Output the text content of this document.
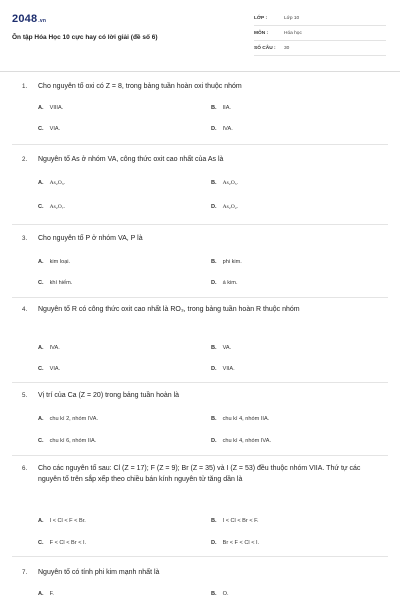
2048.vn
Ôn tập Hóa Học 10 cực hay có lời giải (đề số 6)
LỚP :	Lớp 10
MÔN :	Hóa học
SỐ CÂU : 30
1. Cho nguyên tố oxi có Z = 8, trong bảng tuần hoàn oxi thuộc nhóm
A. VIIIA.	B. IIA.
C. VIA.	D. IVA.
2. Nguyên tố As ở nhóm VA, công thức oxit cao nhất của As là
A. As₂O₃.	B. As₂O₅.
C. As₂O₇.	D. As₂O₂.
3. Cho nguyên tố P ở nhóm VA, P là
A. kim loại.	B. phi kim.
C. khí hiếm.	D. á kim.
4. Nguyên tố R có công thức oxit cao nhất là RO₃, trong bảng tuần hoàn R thuộc nhóm
A. IVA.	B. VA.
C. VIA.	D. VIIA.
5. Vị trí của Ca (Z = 20) trong bảng tuần hoàn là
A. chu kì 2, nhóm IVA.	B. chu kì 4, nhóm IIA.
C. chu kì 6, nhóm IIA.	D. chu kì 4, nhóm IVA.
6. Cho các nguyên tố sau: Cl (Z = 17); F (Z = 9); Br (Z = 35) và I (Z = 53) đều thuộc nhóm VIIA. Thứ tự các nguyên tố trên sắp xếp theo chiều bán kính nguyên tử tăng dần là
A. I < Cl < F < Br.	B. I < Cl < Br < F.
C. F < Cl < Br < I.	D. Br < F < Cl < I.
7. Nguyên tố có tính phi kim mạnh nhất là
A. F.	B. O.
